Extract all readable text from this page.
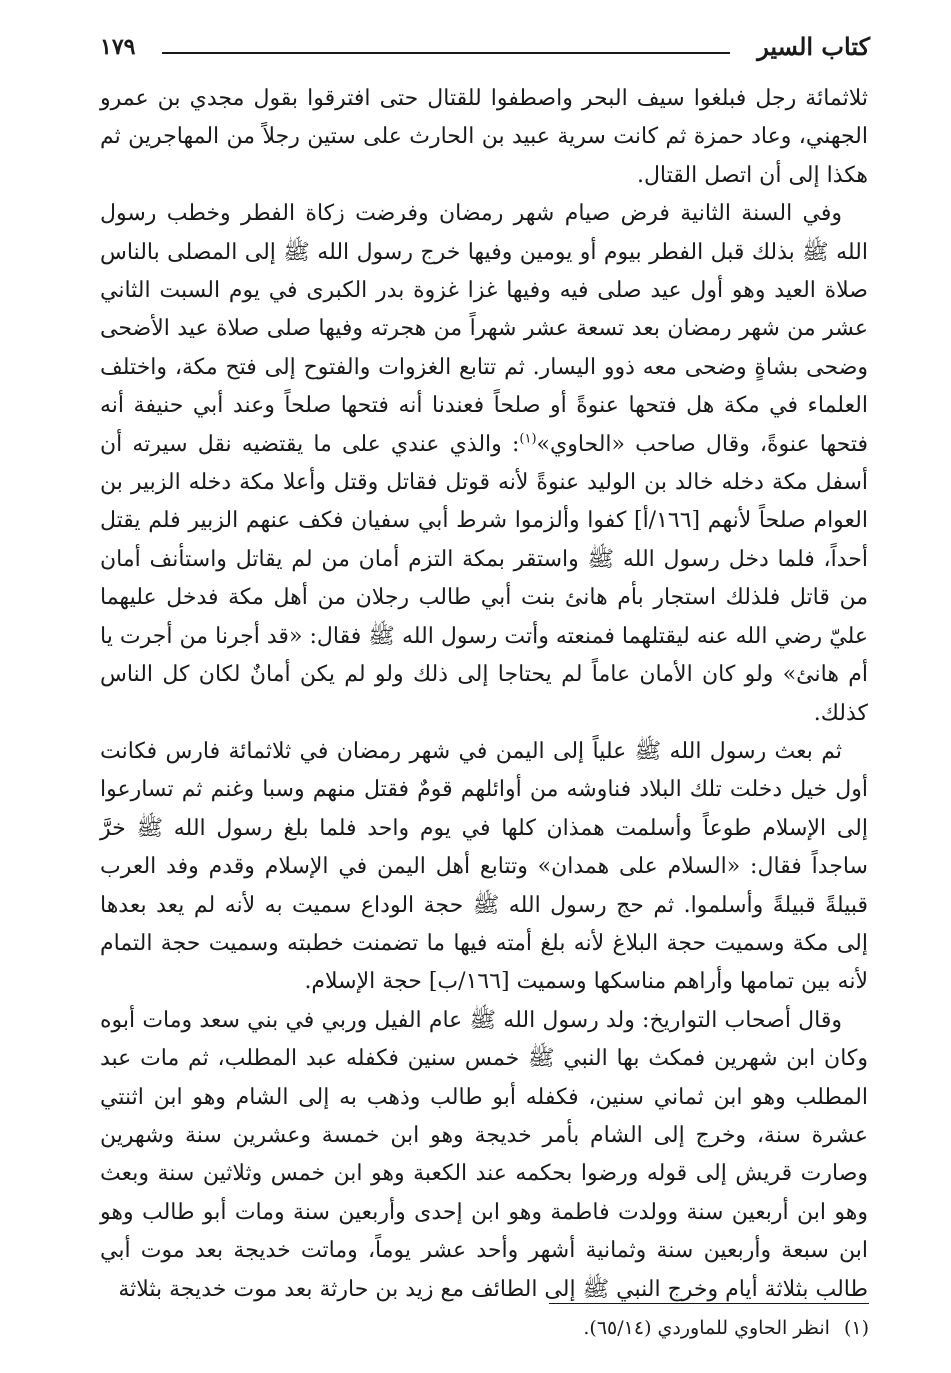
كتاب السير
١٧٩

ثلاثمائة رجل فبلغوا سيف البحر واصطفوا للقتال حتى افترقوا بقول مجدي بن عمرو الجهني، وعاد حمزة ثم كانت سرية عبيد بن الحارث على ستين رجلاً من المهاجرين ثم هكذا إلى أن اتصل القتال.

وفي السنة الثانية فرض صيام شهر رمضان وفرضت زكاة الفطر وخطب رسول الله ﷺ بذلك قبل الفطر بيوم أو يومين وفيها خرج رسول الله ﷺ إلى المصلى بالناس صلاة العيد وهو أول عيد صلى فيه وفيها غزا غزوة بدر الكبرى في يوم السبت الثاني عشر من شهر رمضان بعد تسعة عشر شهراً من هجرته وفيها صلى صلاة عيد الأضحى وضحى بشاةٍ وضحى معه ذوو اليسار. ثم تتابع الغزوات والفتوح إلى فتح مكة، واختلف العلماء في مكة هل فتحها عنوةً أو صلحاً فعندنا أنه فتحها صلحاً وعند أبي حنيفة أنه فتحها عنوةً، وقال صاحب «الحاوي»$^{(١)}$: والذي عندي على ما يقتضيه نقل سيرته أن أسفل مكة دخله خالد بن الوليد عنوةً لأنه قوتل فقاتل وقتل وأعلا مكة دخله الزبير بن العوام صلحاً لأنهم [١٦٦/أ] كفوا وألزموا شرط أبي سفيان فكف عنهم الزبير فلم يقتل أحداً، فلما دخل رسول الله ﷺ واستقر بمكة التزم أمان من لم يقاتل واستأنف أمان من قاتل فلذلك استجار بأم هانئ بنت أبي طالب رجلان من أهل مكة فدخل عليهما عليّ رضي الله عنه ليقتلهما فمنعته وأتت رسول الله ﷺ فقال: «قد أجرنا من أجرت يا أم هانئ» ولو كان الأمان عاماً لم يحتاجا إلى ذلك ولو لم يكن أمانٌ لكان كل الناس كذلك.

ثم بعث رسول الله ﷺ علياً إلى اليمن في شهر رمضان في ثلاثمائة فارس فكانت أول خيل دخلت تلك البلاد فناوشه من أوائلهم قومٌ فقتل منهم وسبا وغنم ثم تسارعوا إلى الإسلام طوعاً وأسلمت همذان كلها في يوم واحد فلما بلغ رسول الله ﷺ خرَّ ساجداً فقال: «السلام على همدان» وتتابع أهل اليمن في الإسلام وقدم وفد العرب قبيلةً قبيلةً وأسلموا. ثم حج رسول الله ﷺ حجة الوداع سميت به لأنه لم يعد بعدها إلى مكة وسميت حجة البلاغ لأنه بلغ أمته فيها ما تضمنت خطبته وسميت حجة التمام لأنه بين تمامها وأراهم مناسكها وسميت [١٦٦/ب] حجة الإسلام.

وقال أصحاب التواريخ: ولد رسول الله ﷺ عام الفيل وربي في بني سعد ومات أبوه وكان ابن شهرين فمكث بها النبي ﷺ خمس سنين فكفله عبد المطلب، ثم مات عبد المطلب وهو ابن ثماني سنين، فكفله أبو طالب وذهب به إلى الشام وهو ابن اثنتي عشرة سنة، وخرج إلى الشام بأمر خديجة وهو ابن خمسة وعشرين سنة وشهرين وصارت قريش إلى قوله ورضوا بحكمه عند الكعبة وهو ابن خمس وثلاثين سنة وبعث وهو ابن أربعين سنة وولدت فاطمة وهو ابن إحدى وأربعين سنة ومات أبو طالب وهو ابن سبعة وأربعين سنة وثمانية أشهر وأحد عشر يوماً، وماتت خديجة بعد موت أبي طالب بثلاثة أيام وخرج النبي ﷺ إلى الطائف مع زيد بن حارثة بعد موت خديجة بثلاثة

(١)انظر الحاوي للماوردي (٦٥/١٤).
